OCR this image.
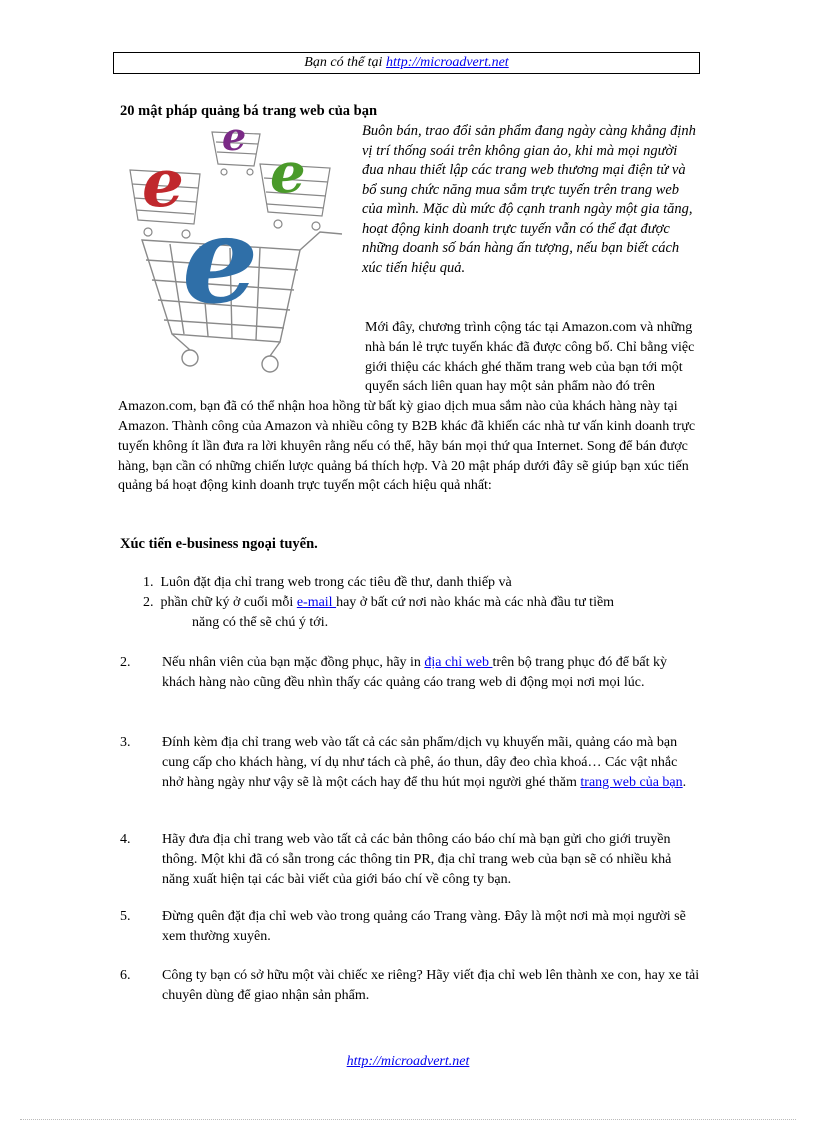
Bạn có thể tại http://microadvert.net
20 mật pháp quảng bá trang web của bạn
e
e
e
e
Buôn bán, trao đổi sản phẩm đang ngày càng khẳng định vị trí thống soái trên không gian ảo, khi mà mọi người đua nhau thiết lập các trang web thương mại điện tử và bổ sung chức năng mua sắm trực tuyến trên trang web của mình. Mặc dù mức độ cạnh tranh ngày một gia tăng, hoạt động kinh doanh trực tuyến vẫn có thể đạt được những doanh số bán hàng ấn tượng, nếu bạn biết cách xúc tiến hiệu quả.
Mới đây, chương trình cộng tác tại Amazon.com và những nhà bán lẻ trực tuyến khác đã được công bố. Chỉ bằng việc giới thiệu các khách ghé thăm trang web của bạn tới một quyển sách liên quan hay một sản phẩm nào đó trên Amazon.com, bạn đã có thể nhận hoa hồng từ bất kỳ giao dịch mua sắm nào của khách hàng này tại Amazon. Thành công của Amazon và nhiều công ty B2B khác đã khiến các nhà tư vấn kinh doanh trực tuyến không ít lần đưa ra lời khuyên rằng nếu có thể, hãy bán mọi thứ qua Internet. Song để bán được hàng, bạn cần có những chiến lược quảng bá thích hợp. Và 20 mật pháp dưới đây sẽ giúp bạn xúc tiến quảng bá hoạt động kinh doanh trực tuyến một cách hiệu quả nhất:
Xúc tiến e-business ngoại tuyến.
1. Luôn đặt địa chỉ trang web trong các tiêu đề thư, danh thiếp và
2. phần chữ ký ở cuối mỗi e-mail hay ở bất cứ nơi nào khác mà các nhà đầu tư tiềm
năng có thể sẽ chú ý tới.
2. Nếu nhân viên của bạn mặc đồng phục, hãy in địa chỉ web trên bộ trang phục đó để bất kỳ khách hàng nào cũng đều nhìn thấy các quảng cáo trang web di động mọi nơi mọi lúc.
3. Đính kèm địa chỉ trang web vào tất cả các sản phẩm/dịch vụ khuyến mãi, quảng cáo mà bạn cung cấp cho khách hàng, ví dụ như tách cà phê, áo thun, dây đeo chìa khoá… Các vật nhắc nhở hàng ngày như vậy sẽ là một cách hay để thu hút mọi người ghé thăm trang web của bạn.
4. Hãy đưa địa chỉ trang web vào tất cả các bản thông cáo báo chí mà bạn gửi cho giới truyền thông. Một khi đã có sẵn trong các thông tin PR, địa chỉ trang web của bạn sẽ có nhiều khả năng xuất hiện tại các bài viết của giới báo chí về công ty bạn.
5. Đừng quên đặt địa chỉ web vào trong quảng cáo Trang vàng. Đây là một nơi mà mọi người sẽ xem thường xuyên.
6. Công ty bạn có sở hữu một vài chiếc xe riêng? Hãy viết địa chỉ web lên thành xe con, hay xe tải chuyên dùng để giao nhận sản phẩm.
http://microadvert.net
